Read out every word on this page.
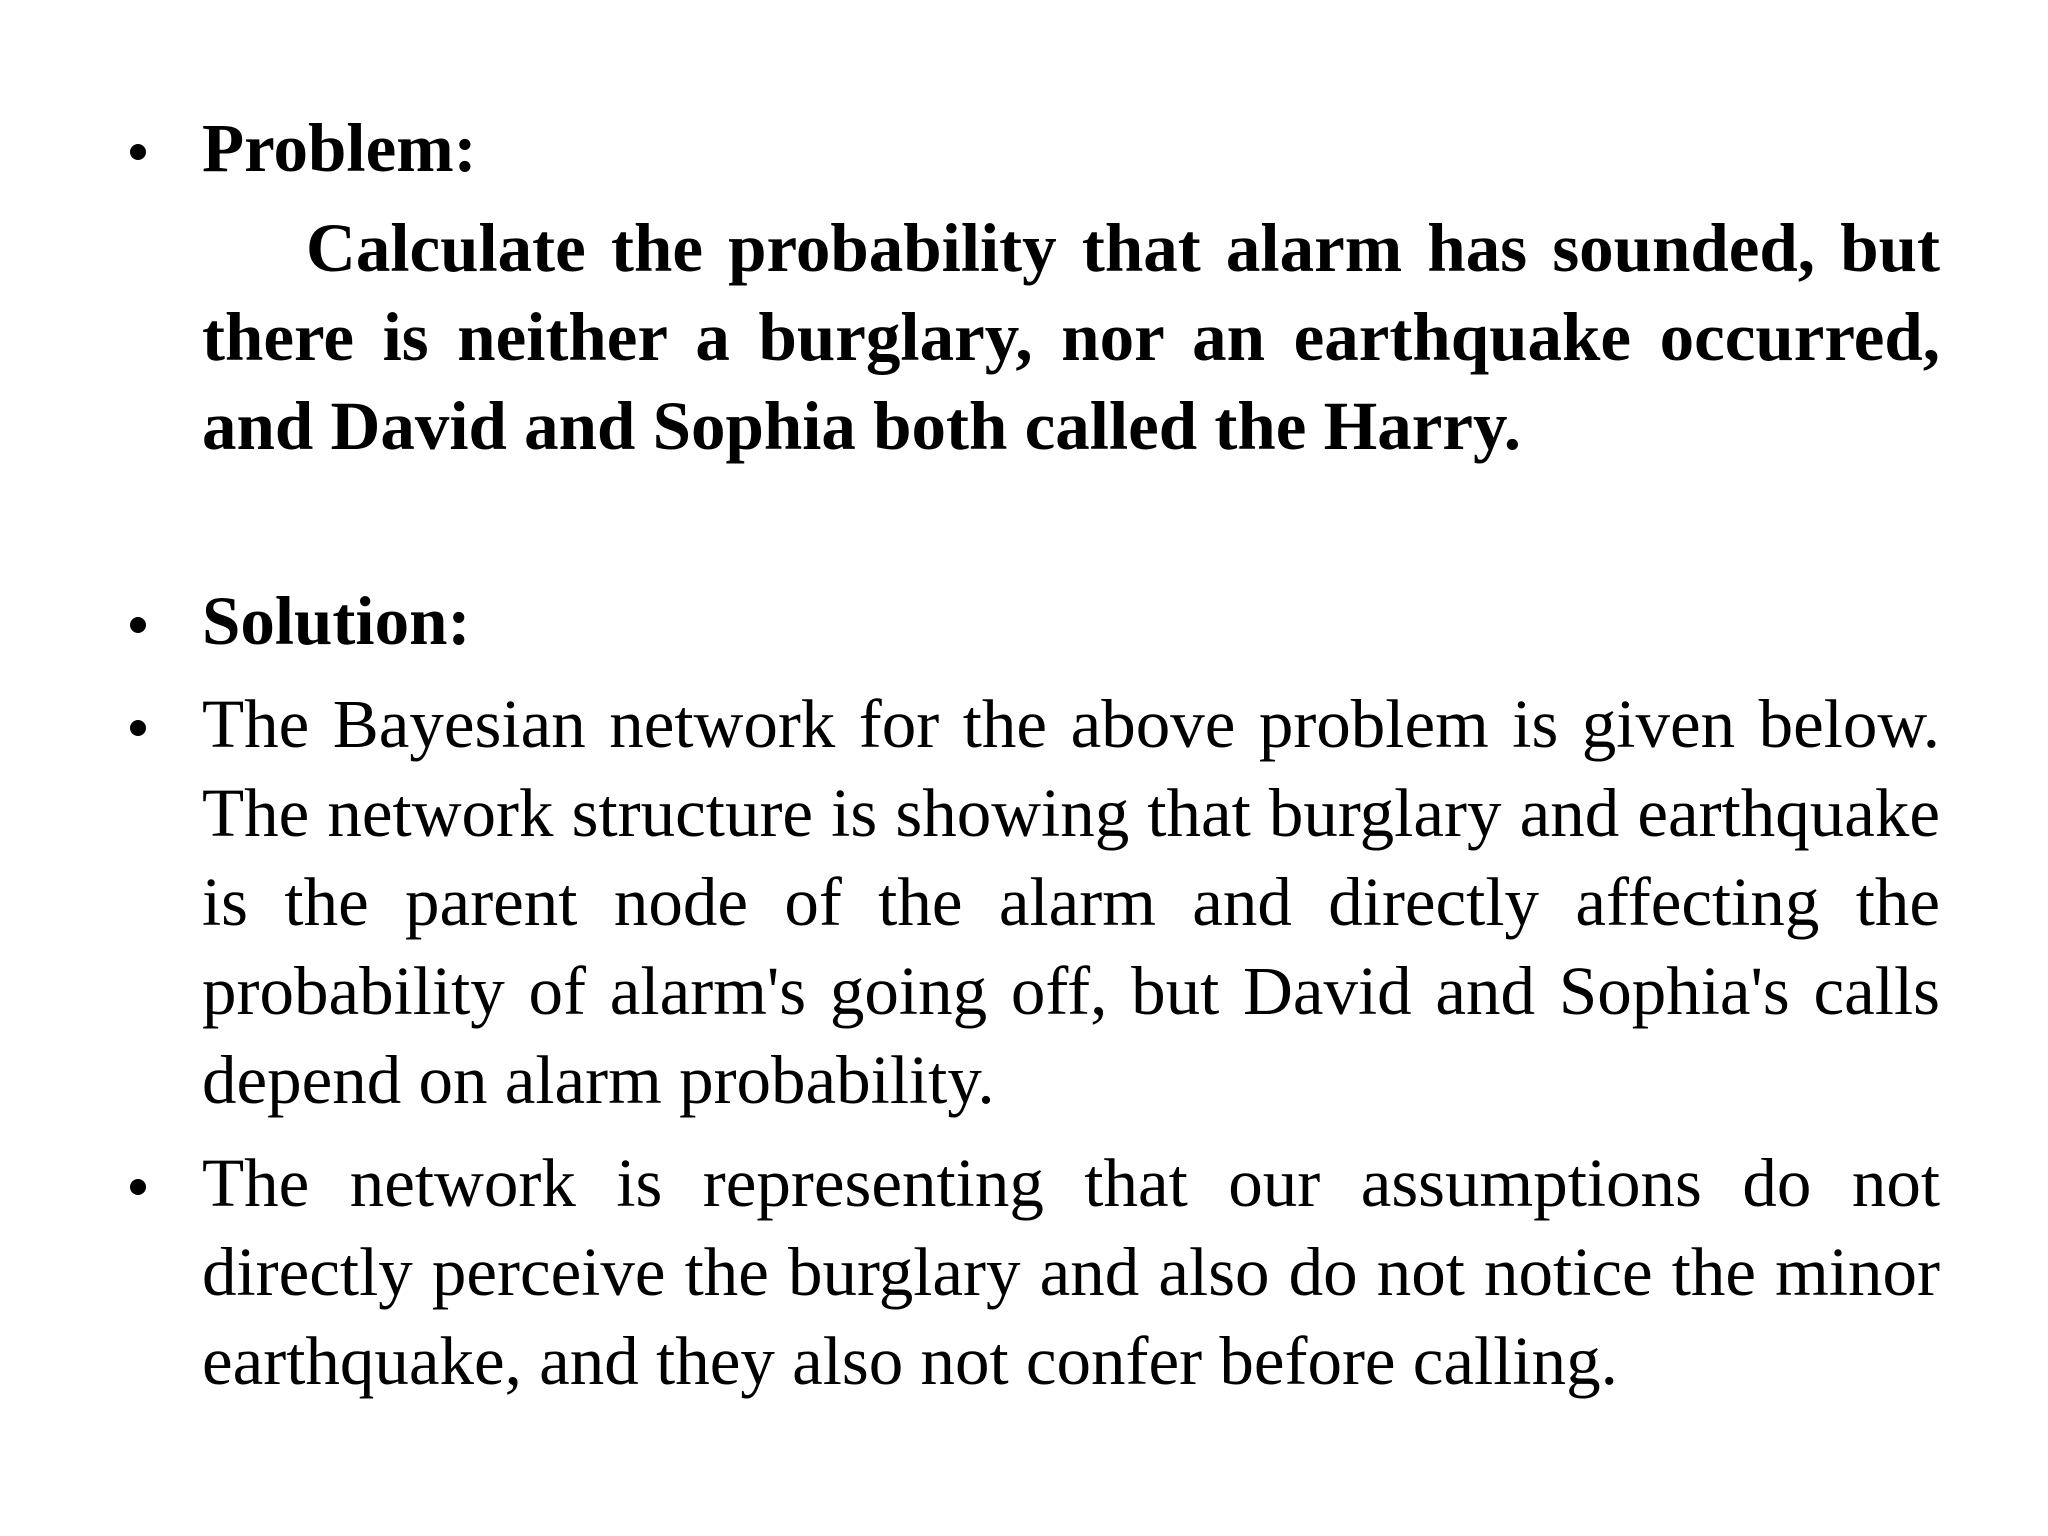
Problem:

Calculate the probability that alarm has sounded, but there is neither a burglary, nor an earthquake occurred, and David and Sophia both called the Harry.

Solution:
The Bayesian network for the above problem is given below. The network structure is showing that burglary and earthquake is the parent node of the alarm and directly affecting the probability of alarm's going off, but David and Sophia's calls depend on alarm probability.
The network is representing that our assumptions do not directly perceive the burglary and also do not notice the minor earthquake, and they also not confer before calling.
